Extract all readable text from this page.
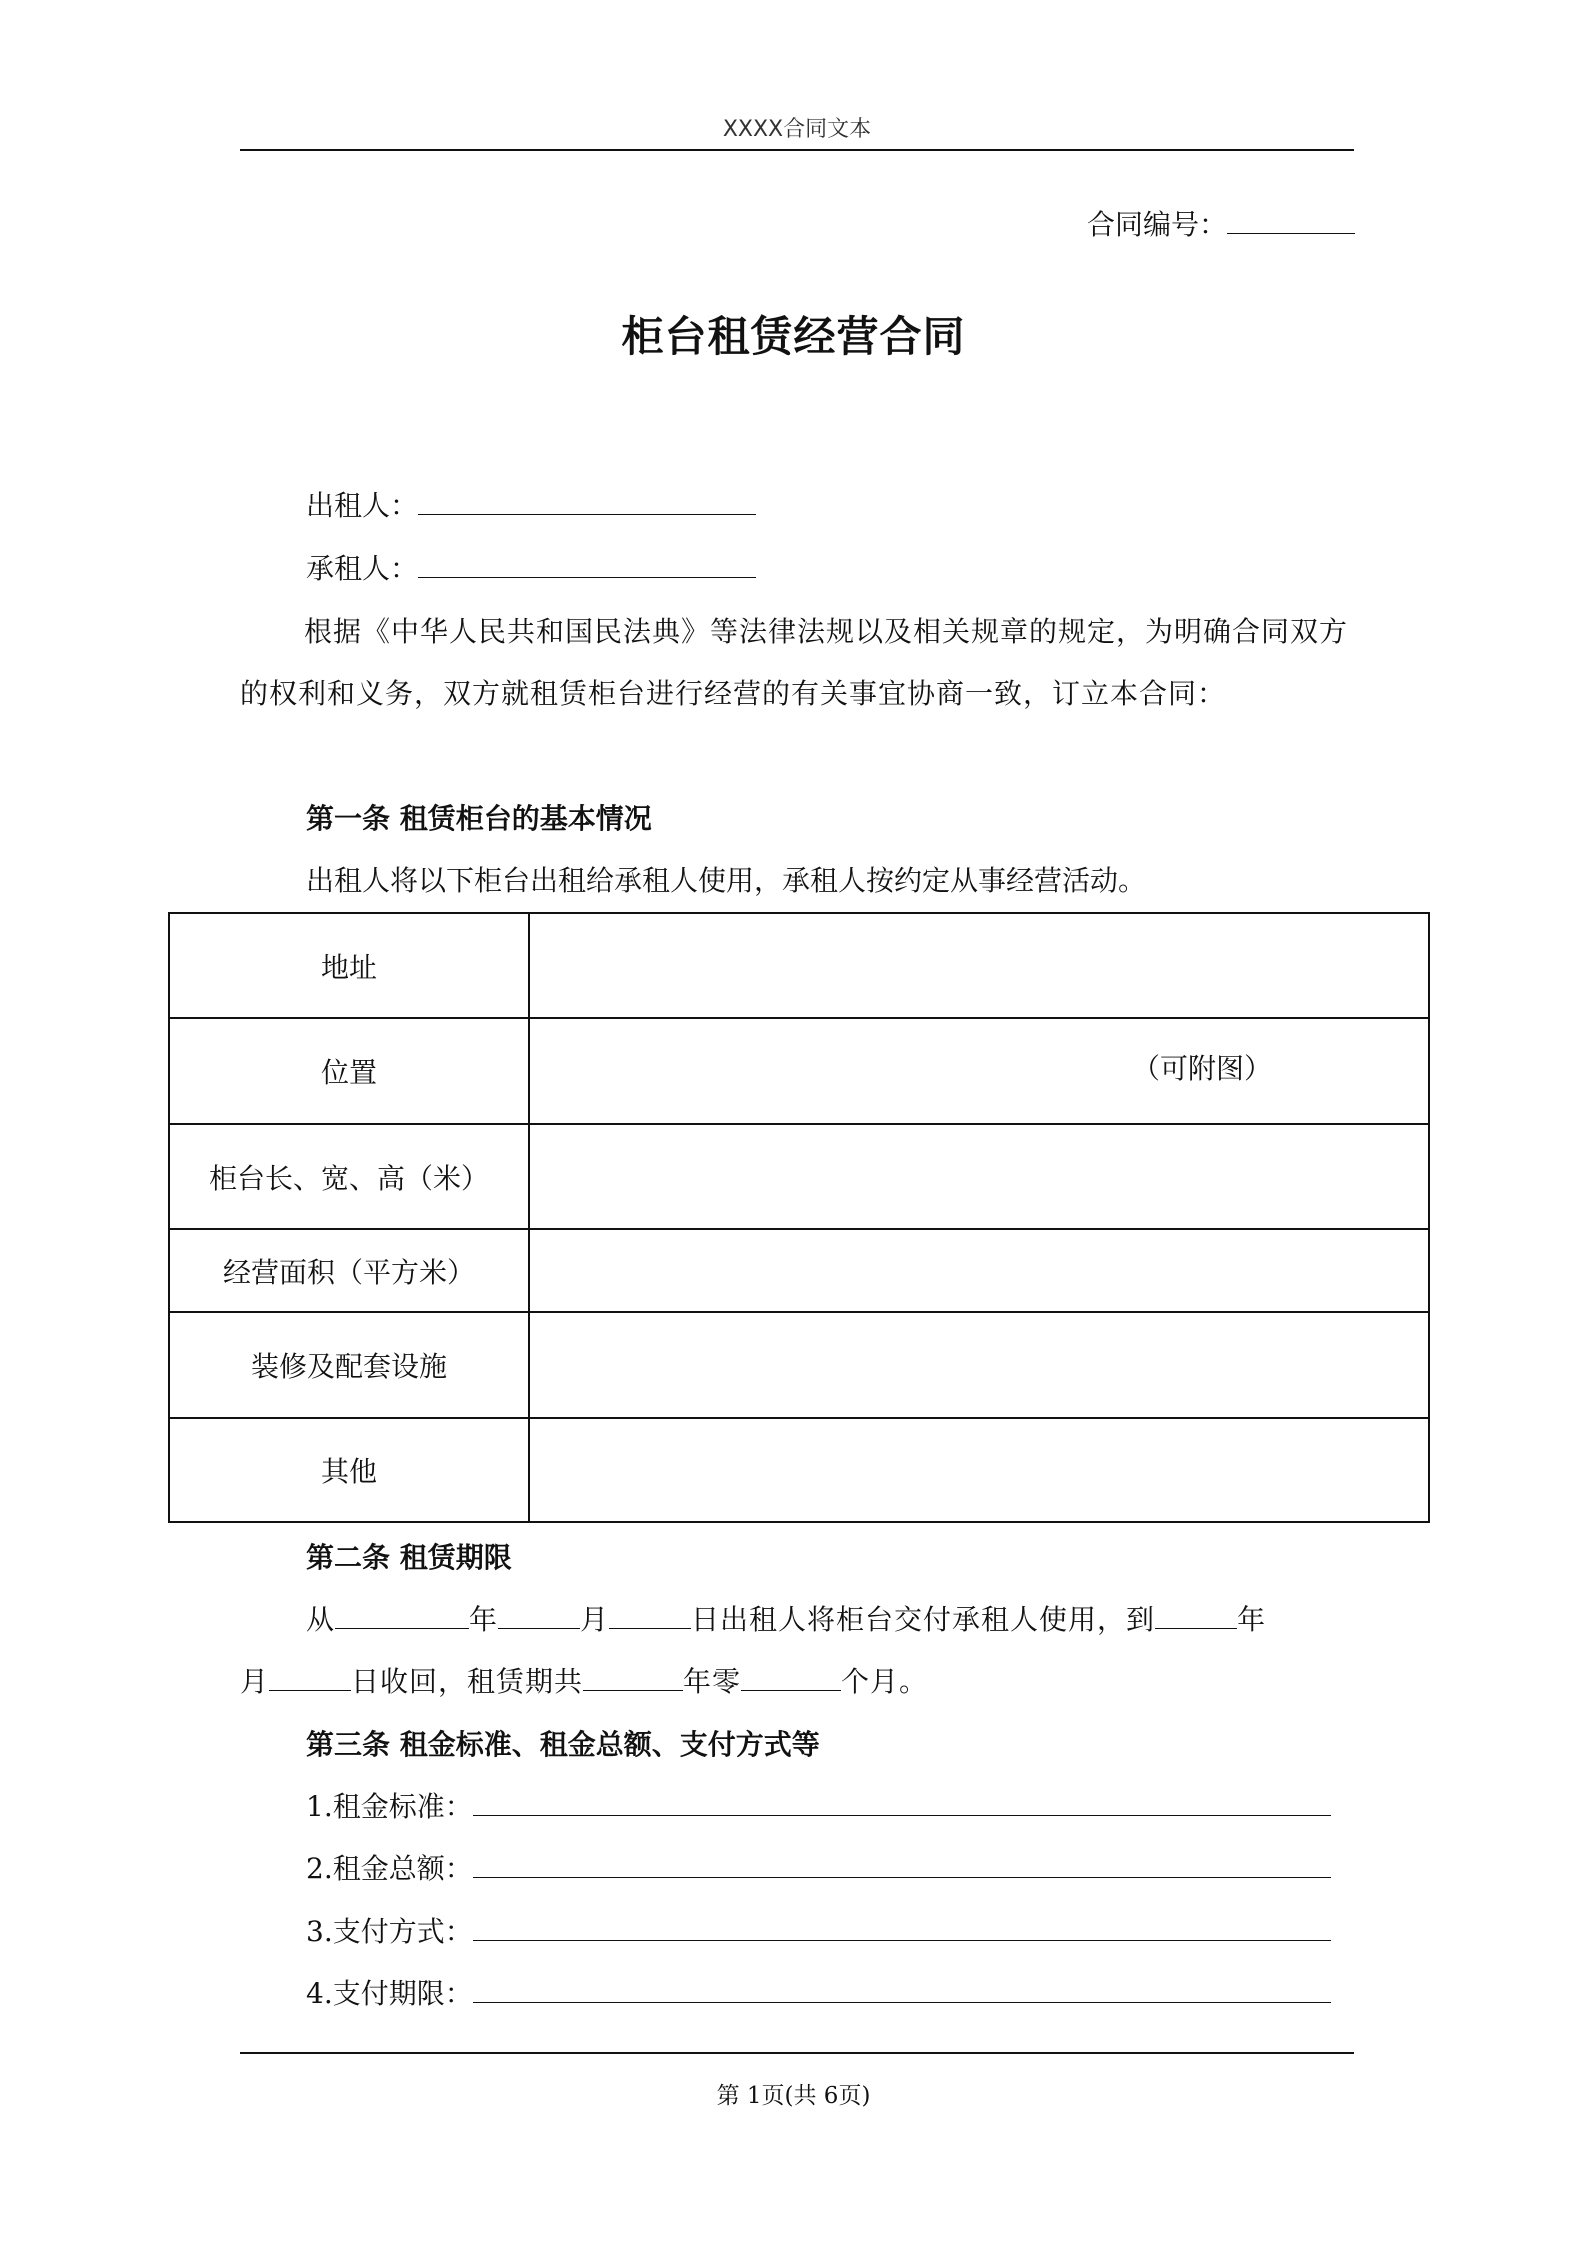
XXXX合同文本
合同编号：
柜台租赁经营合同
出租人：
承租人：
根据《中华人民共和国民法典》等法律法规以及相关规章的规定，为明确合同双方的权利和义务，双方就租赁柜台进行经营的有关事宜协商一致，订立本合同：
第一条 租赁柜台的基本情况
出租人将以下柜台出租给承租人使用，承租人按约定从事经营活动。
地址	
位置	（可附图）

柜台长、宽、高（米）	
经营面积（平方米）	
装修及配套设施	
其他	
第二条 租赁期限
从	年	月	日出租人将柜台交付承租人使用，到	年
月	日收回，租赁期共	年零	个月。
第三条 租金标准、租金总额、支付方式等
1.租金标准：
2.租金总额：
3.支付方式：
4.支付期限：
第 1页(共 6页)
